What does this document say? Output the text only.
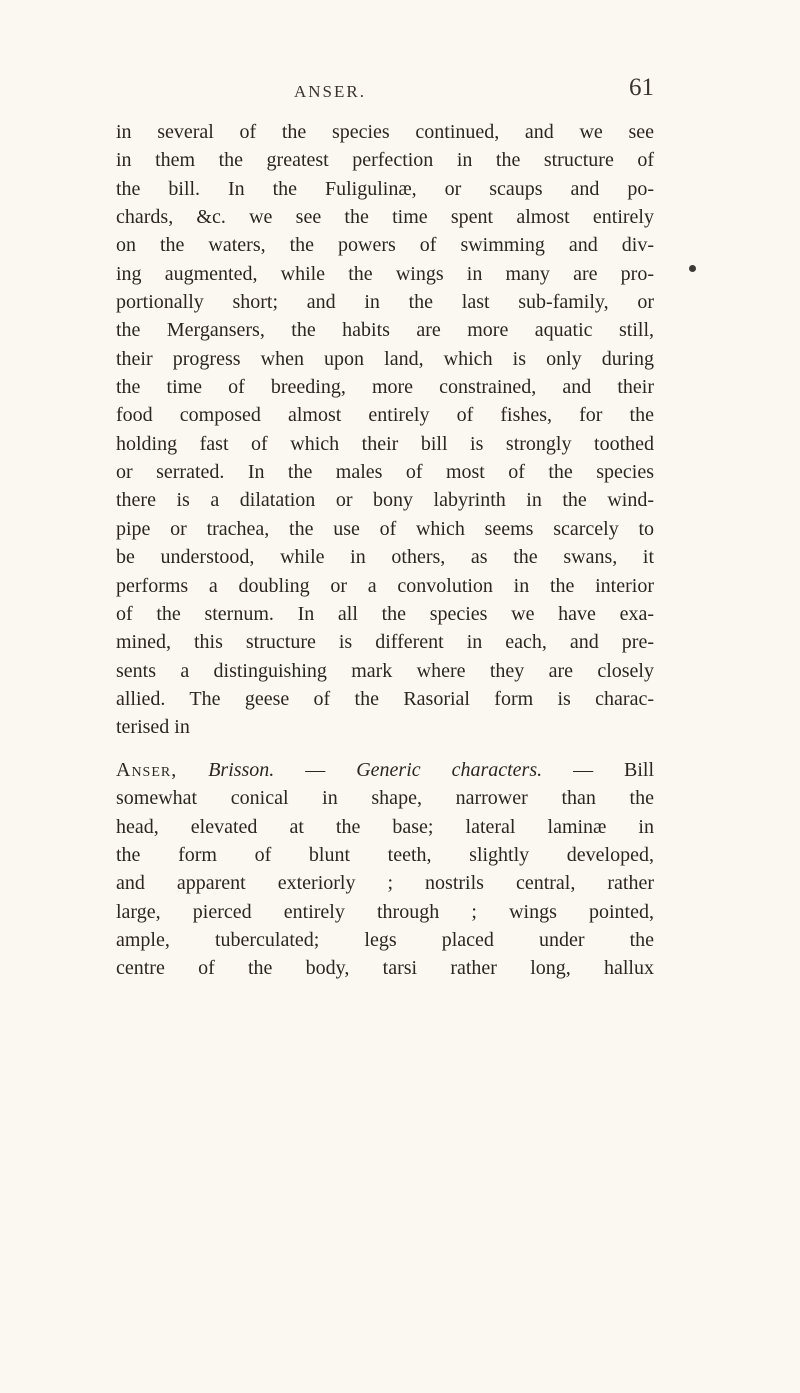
ANSER.	61
in several of the species continued, and we see
in them the greatest perfection in the structure of
the bill. In the Fuligulinæ, or scaups and po-
chards, &c. we see the time spent almost entirely
on the waters, the powers of swimming and div-
ing augmented, while the wings in many are pro-
portionally short; and in the last sub-family, or
the Mergansers, the habits are more aquatic still,
their progress when upon land, which is only during
the time of breeding, more constrained, and their
food composed almost entirely of fishes, for the
holding fast of which their bill is strongly toothed
or serrated. In the males of most of the species
there is a dilatation or bony labyrinth in the wind-
pipe or trachea, the use of which seems scarcely to
be understood, while in others, as the swans, it
performs a doubling or a convolution in the interior
of the sternum. In all the species we have exa-
mined, this structure is different in each, and pre-
sents a distinguishing mark where they are closely
allied. The geese of the Rasorial form is charac-
terised in
Anser, Brisson. — Generic characters. — Bill
somewhat conical in shape, narrower than the
head, elevated at the base; lateral laminæ in
the form of blunt teeth, slightly developed,
and apparent exteriorly ; nostrils central, rather
large, pierced entirely through ; wings pointed,
ample, tuberculated; legs placed under the
centre of the body, tarsi rather long, hallux
